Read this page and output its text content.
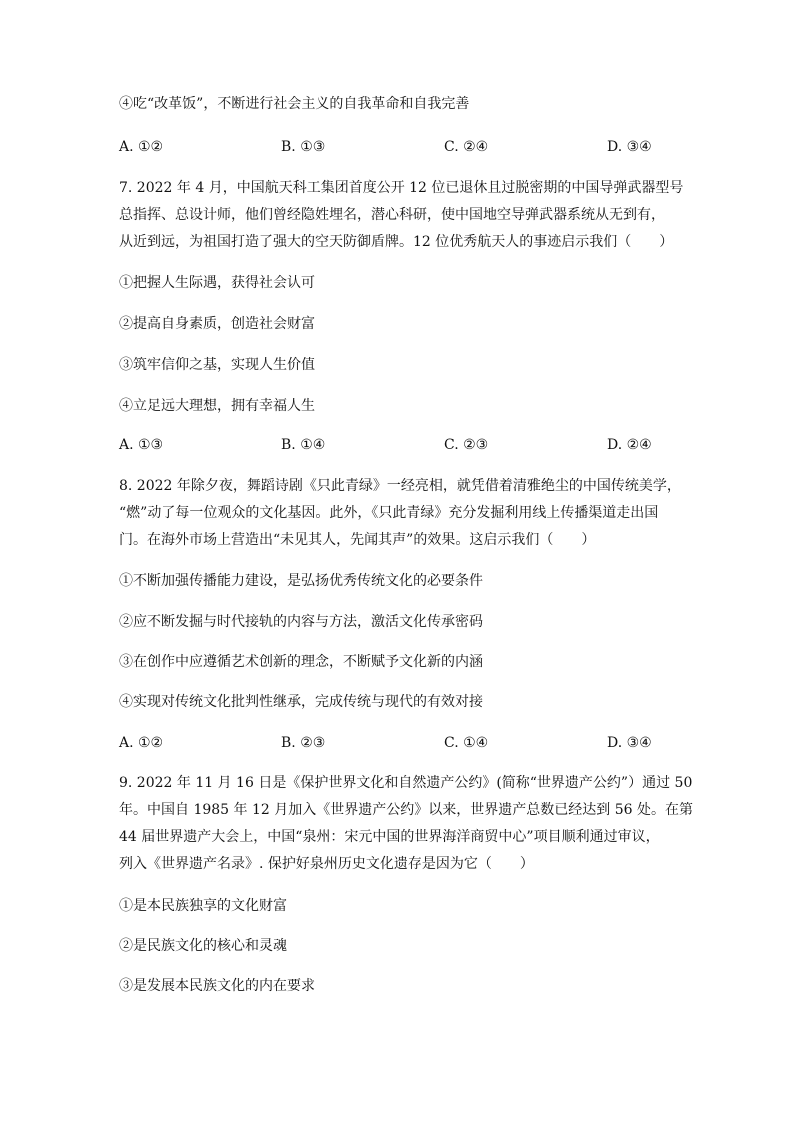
④吃“改革饭”，不断进行社会主义的自我革命和自我完善
A. ①②	B. ①③	C. ②④	D. ③④
7. 2022 年 4 月，中国航天科工集团首度公开 12 位已退休且过脱密期的中国导弹武器型号
总指挥、总设计师，他们曾经隐姓埋名，潜心科研，使中国地空导弹武器系统从无到有，
从近到远，为祖国打造了强大的空天防御盾牌。12 位优秀航天人的事迹启示我们（　　）
①把握人生际遇，获得社会认可
②提高自身素质，创造社会财富
③筑牢信仰之基，实现人生价值
④立足远大理想，拥有幸福人生
A. ①③	B. ①④	C. ②③	D. ②④
8. 2022 年除夕夜，舞蹈诗剧《只此青绿》一经亮相，就凭借着清雅绝尘的中国传统美学，
“燃”动了每一位观众的文化基因。此外，《只此青绿》充分发掘利用线上传播渠道走出国
门。在海外市场上营造出“未见其人，先闻其声”的效果。这启示我们（　　）
①不断加强传播能力建设，是弘扬优秀传统文化的必要条件
②应不断发掘与时代接轨的内容与方法，激活文化传承密码
③在创作中应遵循艺术创新的理念，不断赋予文化新的内涵
④实现对传统文化批判性继承，完成传统与现代的有效对接
A. ①②	B. ②③	C. ①④	D. ③④
9. 2022 年 11 月 16 日是《保护世界文化和自然遗产公约》(简称“世界遗产公约”）通过 50
年。中国自 1985 年 12 月加入《世界遗产公约》以来，世界遗产总数已经达到 56 处。在第
44 届世界遗产大会上，中国“泉州：宋元中国的世界海洋商贸中心”项目顺利通过审议，
列入《世界遗产名录》. 保护好泉州历史文化遗存是因为它（　　）
①是本民族独享的文化财富
②是民族文化的核心和灵魂
③是发展本民族文化的内在要求
